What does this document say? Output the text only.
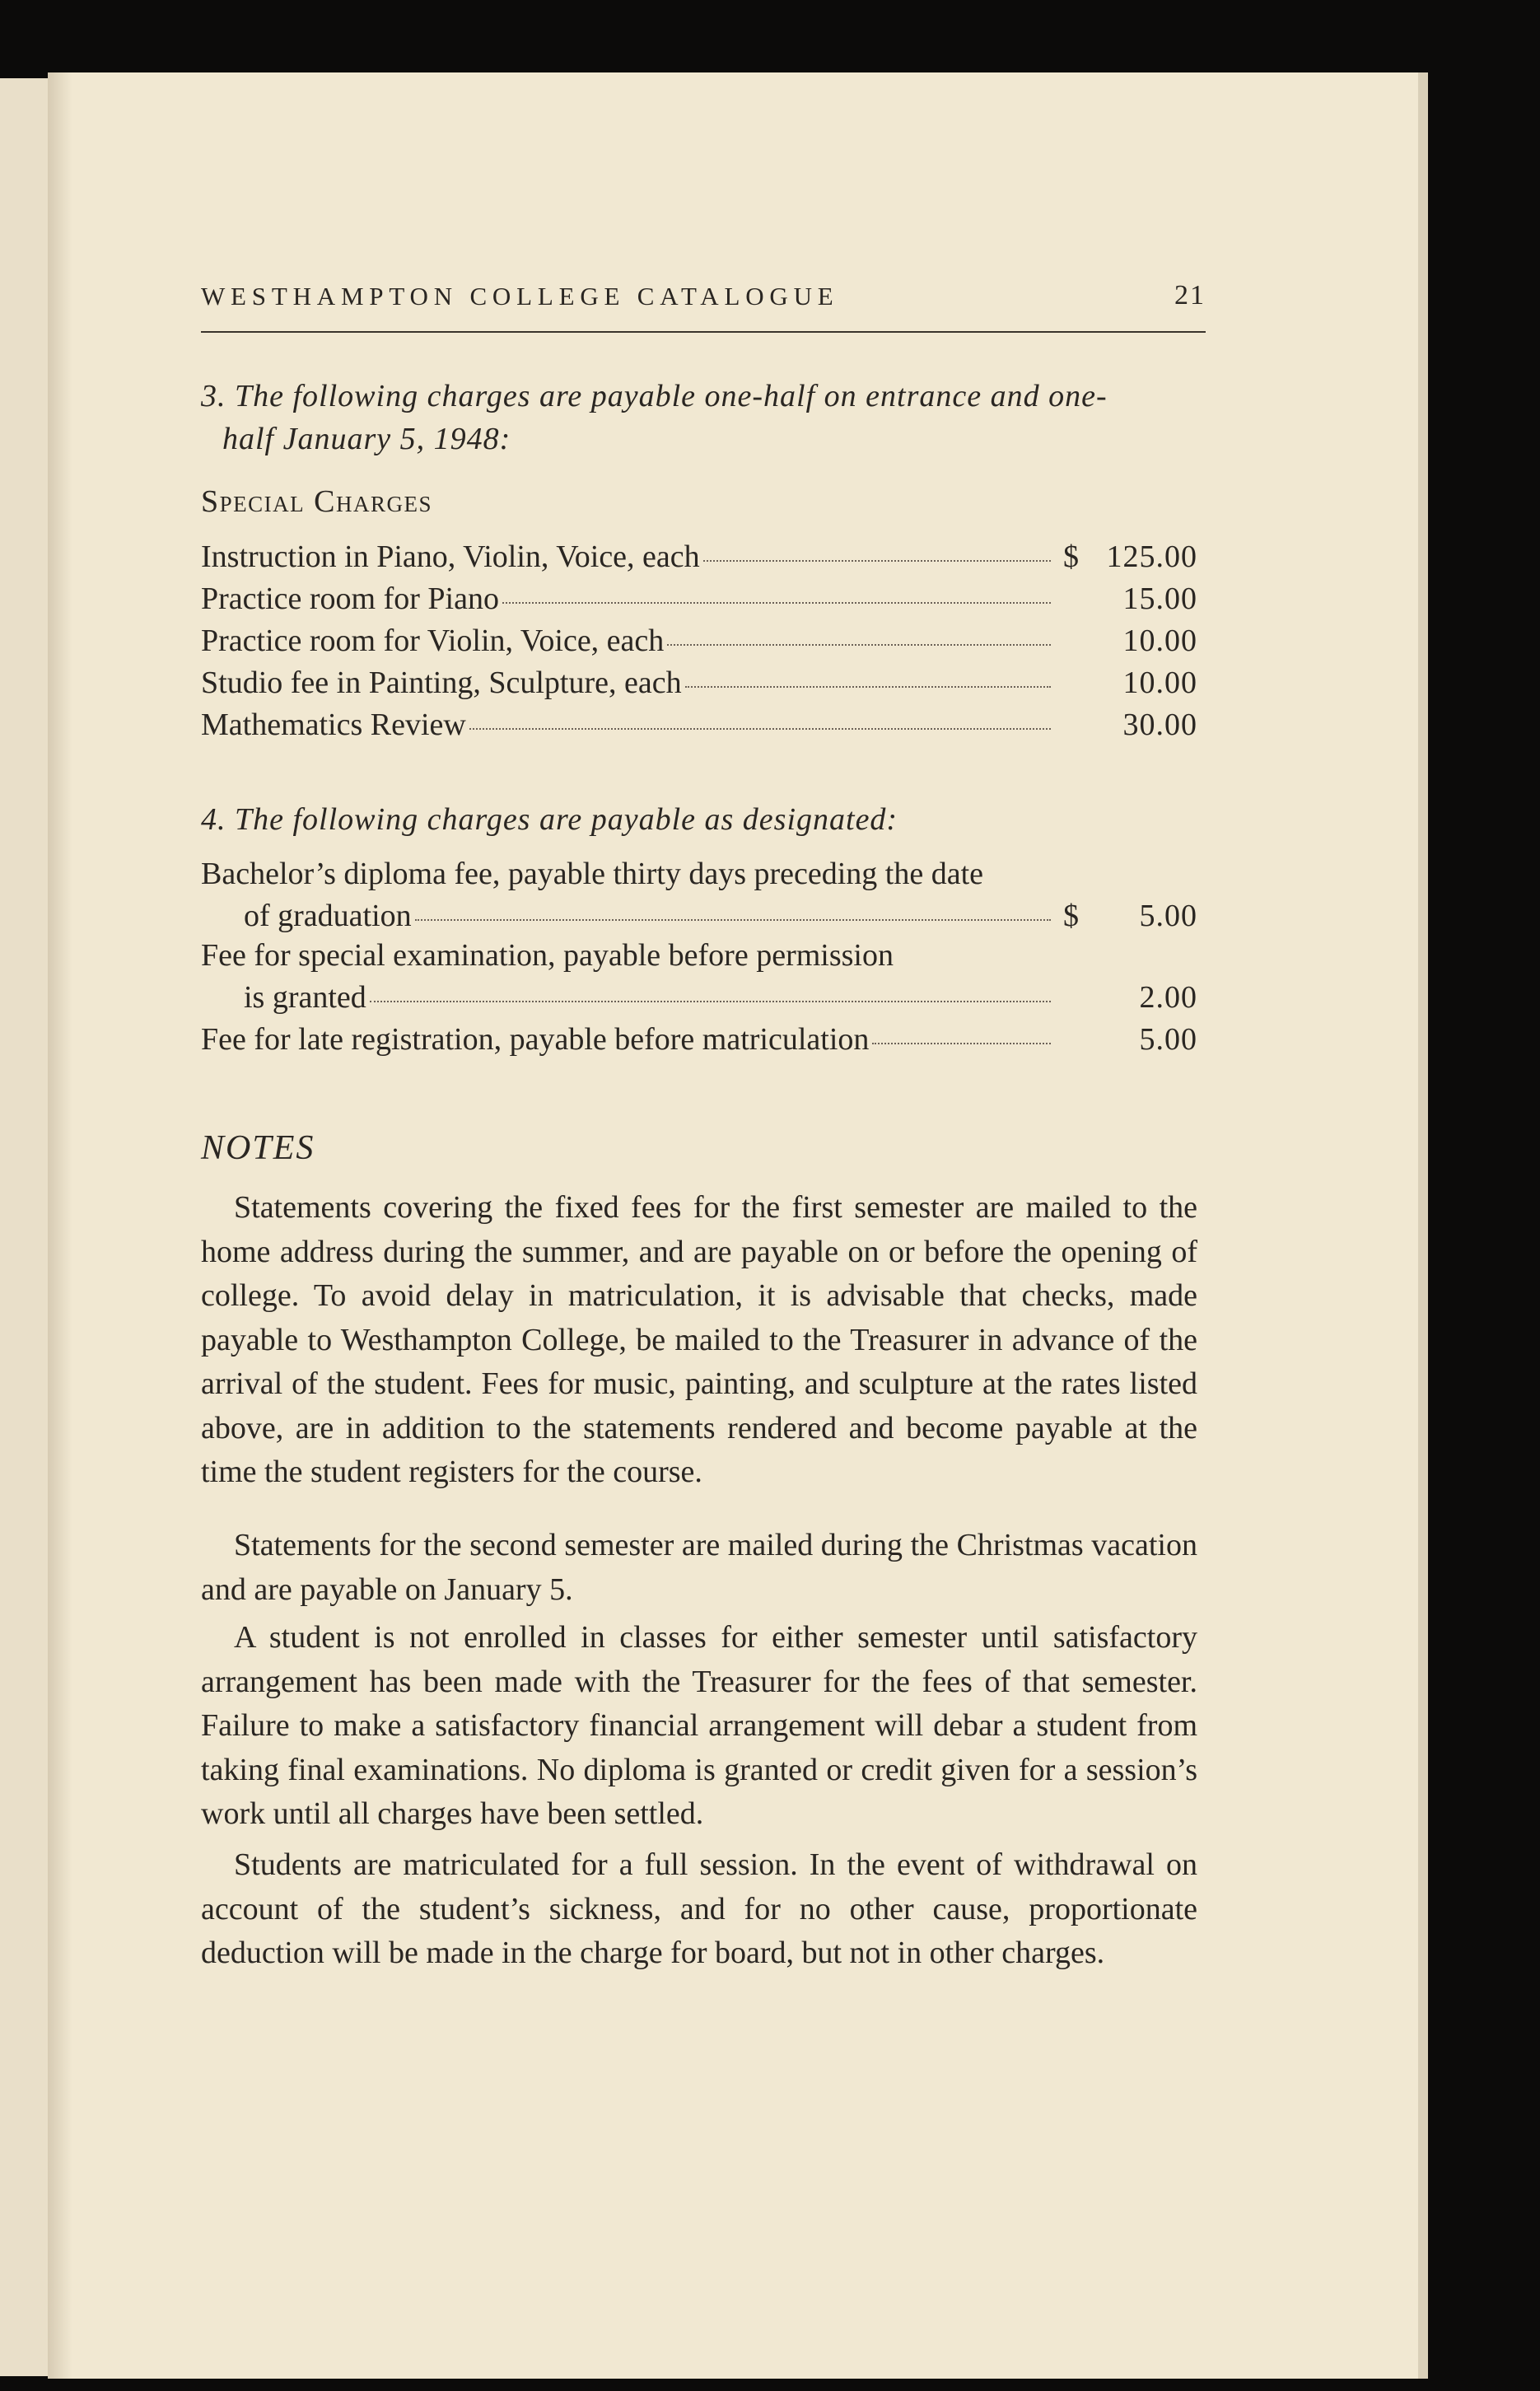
WESTHAMPTON COLLEGE CATALOGUE	21
3. The following charges are payable one-half on entrance and one-
half January 5, 1948:
Special Charges
Instruction in Piano, Violin, Voice, each	$ 125.00
Practice room for Piano	15.00
Practice room for Violin, Voice, each	10.00
Studio fee in Painting, Sculpture, each	10.00
Mathematics Review	30.00
4. The following charges are payable as designated:
Bachelor’s diploma fee, payable thirty days preceding the date
of graduation	$	5.00
Fee for special examination, payable before permission
is granted	2.00
Fee for late registration, payable before matriculation	5.00
NOTES

Statements covering the fixed fees for the first semester are mailed to the home address during the summer, and are payable on or before the opening of college. To avoid delay in matriculation, it is advisable that checks, made payable to Westhampton College, be mailed to the Treasurer in advance of the arrival of the student. Fees for music, painting, and sculpture at the rates listed above, are in addition to the statements rendered and become payable at the time the student registers for the course.

Statements for the second semester are mailed during the Christmas vacation and are payable on January 5.

A student is not enrolled in classes for either semester until satisfactory arrangement has been made with the Treasurer for the fees of that semester. Failure to make a satisfactory financial arrangement will debar a student from taking final examinations. No diploma is granted or credit given for a session’s work until all charges have been settled.

Students are matriculated for a full session. In the event of withdrawal on account of the student’s sickness, and for no other cause, proportionate deduction will be made in the charge for board, but not in other charges.
